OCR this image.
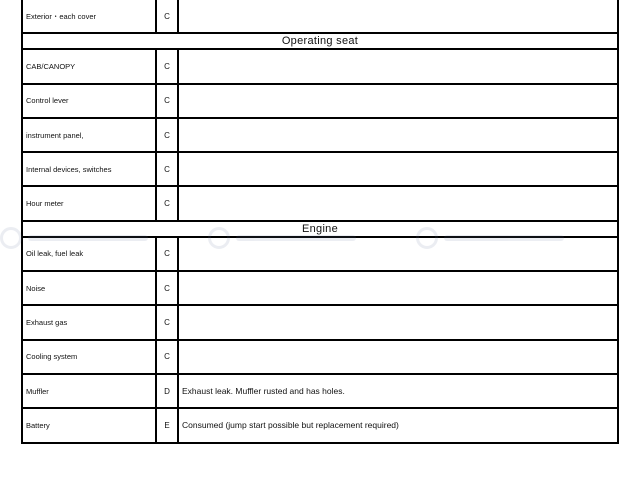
Exterior・each cover	C
Operating seat
CAB/CANOPY	C
Control lever	C
instrument panel,	C
Internal devices, switches	C
Hour meter	C
Engine
Oil leak, fuel leak	C
Noise	C
Exhaust gas	C
Cooling system	C
Muffler	D	Exhaust leak. Muffler rusted and has holes.
Battery	E	Consumed (jump start possible but replacement required)
